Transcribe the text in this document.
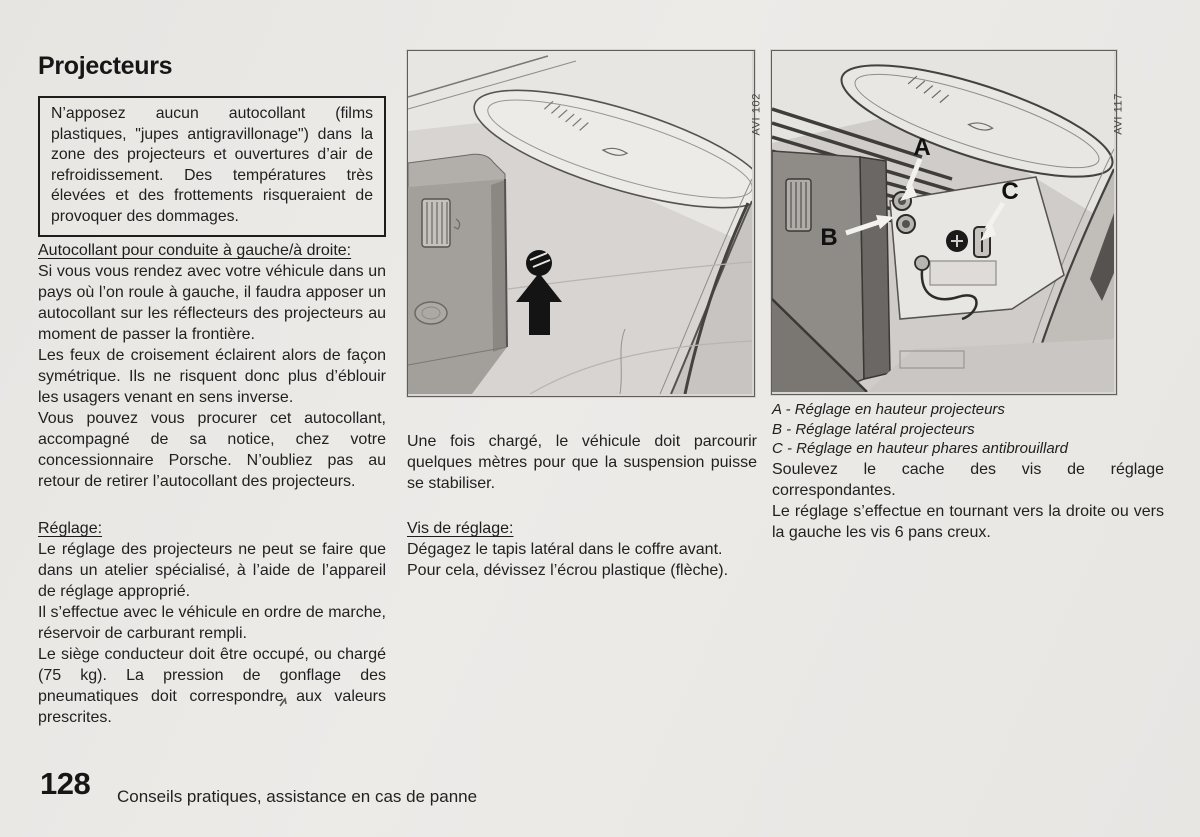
Projecteurs
N’apposez aucun autocollant (films plastiques, "jupes antigravillonage") dans la zone des projecteurs et ouvertures d’air de refroidissement. Des températures très élevées et des frottements risqueraient de provoquer des dommages.
Autocollant pour conduite à gauche/à droite:

Si vous vous rendez avec votre véhicule dans un pays où l’on roule à gauche, il faudra apposer un autocollant sur les réflecteurs des projecteurs au moment de passer la frontière.

Les feux de croisement éclairent alors de façon symétrique. Ils ne risquent donc plus d’éblouir les usagers venant en sens inverse.

Vous pouvez vous procurer cet autocollant, accompagné de sa notice, chez votre concessionnaire Porsche. N’oubliez pas au retour de retirer l’autocollant des projecteurs.

Réglage:

Le réglage des projecteurs ne peut se faire que dans un atelier spécialisé, à l’aide de l’appareil de réglage approprié.

Il s’effectue avec le véhicule en ordre de marche, réservoir de carburant rempli.

Le siège conducteur doit être occupé, ou chargé (75 kg). La pression de gonflage des pneumatiques doit correspondre aux valeurs prescrites.

AVI 102
A
B
C
AVI 117

Une fois chargé, le véhicule doit parcourir quelques mètres pour que la suspension puisse se stabiliser.

Vis de réglage:

Dégagez le tapis latéral dans le coffre avant.

Pour cela, dévissez l’écrou plastique (flèche).

A - Réglage en hauteur projecteurs
B - Réglage latéral projecteurs
C - Réglage en hauteur phares antibrouillard

Soulevez le cache des vis de réglage correspondantes.

Le réglage s’effectue en tournant vers la droite ou vers la gauche les vis 6 pans creux.

128 Conseils pratiques, assistance en cas de panne
